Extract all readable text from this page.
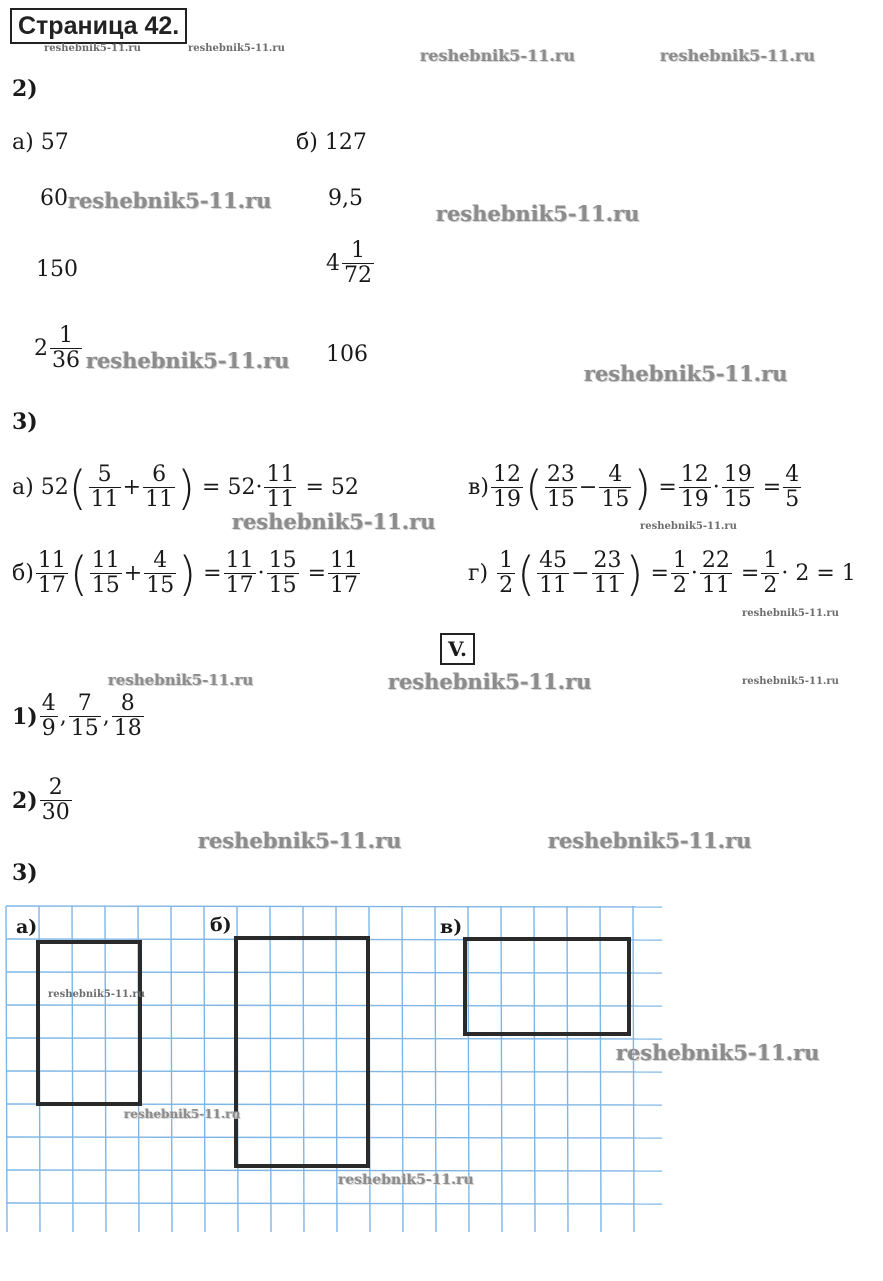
Страница 42.
reshebnik5-11.ru	reshebnik5-11.ru	reshebnik5-11.ru	reshebnik5-11.ru
reshebnik5-11.ru
reshebnik5-11.ru
reshebnik5-11.ru
reshebnik5-11.ru
reshebnik5-11.ru	reshebnik5-11.ru
reshebnik5-11.ru
reshebnik5-11.ru	reshebnik5-11.ru	reshebnik5-11.ru
reshebnik5-11.ru	reshebnik5-11.ru
2)
а) 57	б) 127
60	9,5
150	$4 \frac{1}{72}$
$2 \frac{1}{36}$	106
3)
а)
52 ( $\frac{5}{11} + \frac{6}{11}$ )
=
$52 \cdot \frac{11}{11}$
=
52
$б) \frac{11}{17}$ ( $\frac{11}{15} + \frac{4}{15}$ )
= $\frac{11}{17} \cdot \frac{15}{15}$
= $\frac{11}{17}$
$в) \frac{12}{19}$ ( $\frac{23}{15} - \frac{4}{15}$ )
= $\frac{12}{19} \cdot \frac{19}{15}$
= $\frac{4}{5}$
г)
$\frac{1}{2}$ ( $\frac{45}{11} - \frac{23}{11}$ )
= $\frac{1}{2} \cdot \frac{22}{11}$
= $\frac{1}{2}$ ·
2
=
1
V.
$1) \frac{4}{9}$ , $\frac{7}{15}$ , $\frac{8}{18}$
$2) \frac{2}{30}$
3)
а)	б)	в)
reshebnik5-11.ru
reshebnik5-11.ru
reshebnik5-11.ru
reshebnik5-11.ru
